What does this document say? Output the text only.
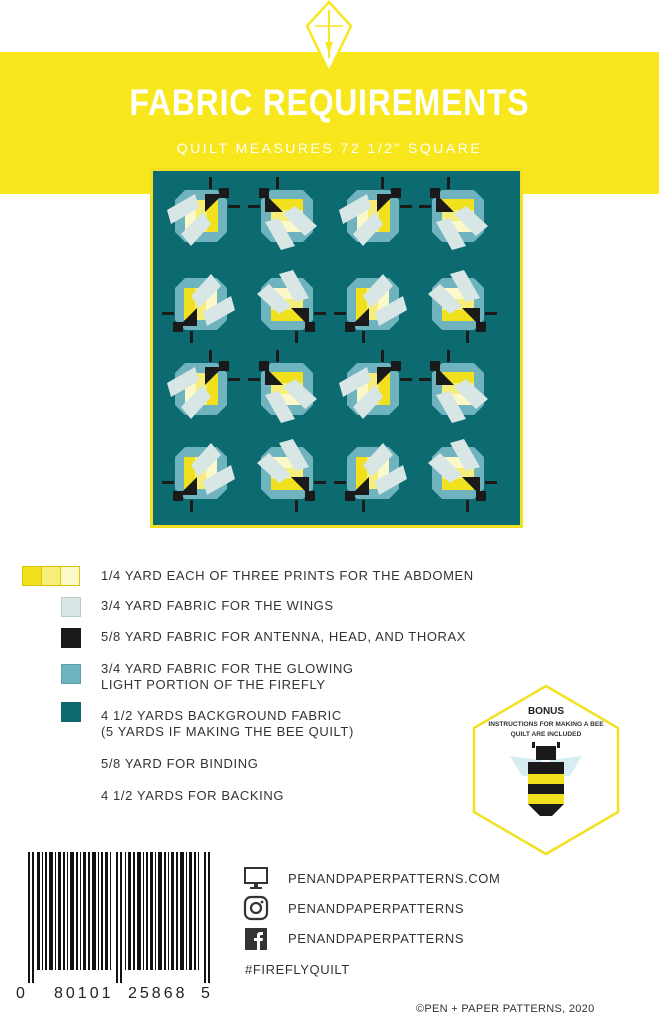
FABRIC REQUIREMENTS
QUILT MEASURES 72 1/2” SQUARE
1/4 YARD EACH OF THREE PRINTS FOR THE ABDOMEN
3/4 YARD FABRIC FOR THE WINGS
5/8 YARD FABRIC FOR ANTENNA, HEAD, AND THORAX
3/4 YARD FABRIC FOR THE GLOWING
LIGHT PORTION OF THE FIREFLY
4 1/2 YARDS BACKGROUND FABRIC
(5 YARDS IF MAKING THE BEE QUILT)
5/8 YARD FOR BINDING
4 1/2 YARDS FOR BACKING
BONUS
INSTRUCTIONS FOR MAKING A BEE QUILT ARE INCLUDED
0 80101 25868 5
PENANDPAPERPATTERNS.COM
PENANDPAPERPATTERNS
PENANDPAPERPATTERNS
#FIREFLYQUILT
©PEN + PAPER PATTERNS, 2020
